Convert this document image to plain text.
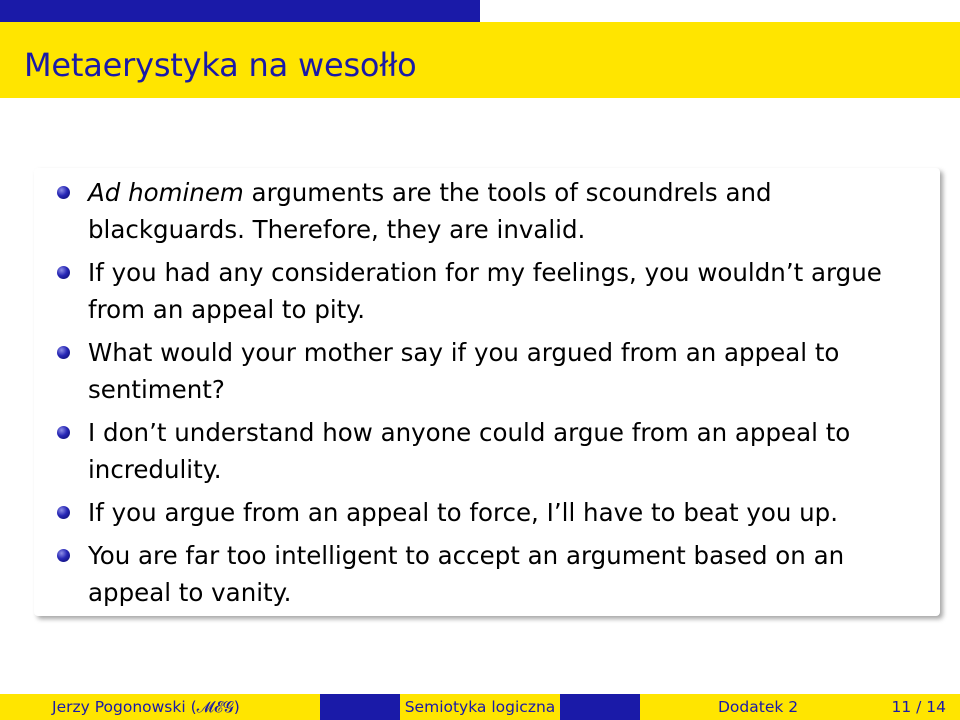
Metaerystyka na wesołło
Ad hominem arguments are the tools of scoundrels and blackguards. Therefore, they are invalid.
If you had any consideration for my feelings, you wouldn’t argue from an appeal to pity.
What would your mother say if you argued from an appeal to sentiment?
I don’t understand how anyone could argue from an appeal to incredulity.
If you argue from an appeal to force, I’ll have to beat you up.
You are far too intelligent to accept an argument based on an appeal to vanity.
Jerzy Pogonowski (𝓜𝓔𝓖)	Semiotyka logiczna	Dodatek 2	11 / 14
